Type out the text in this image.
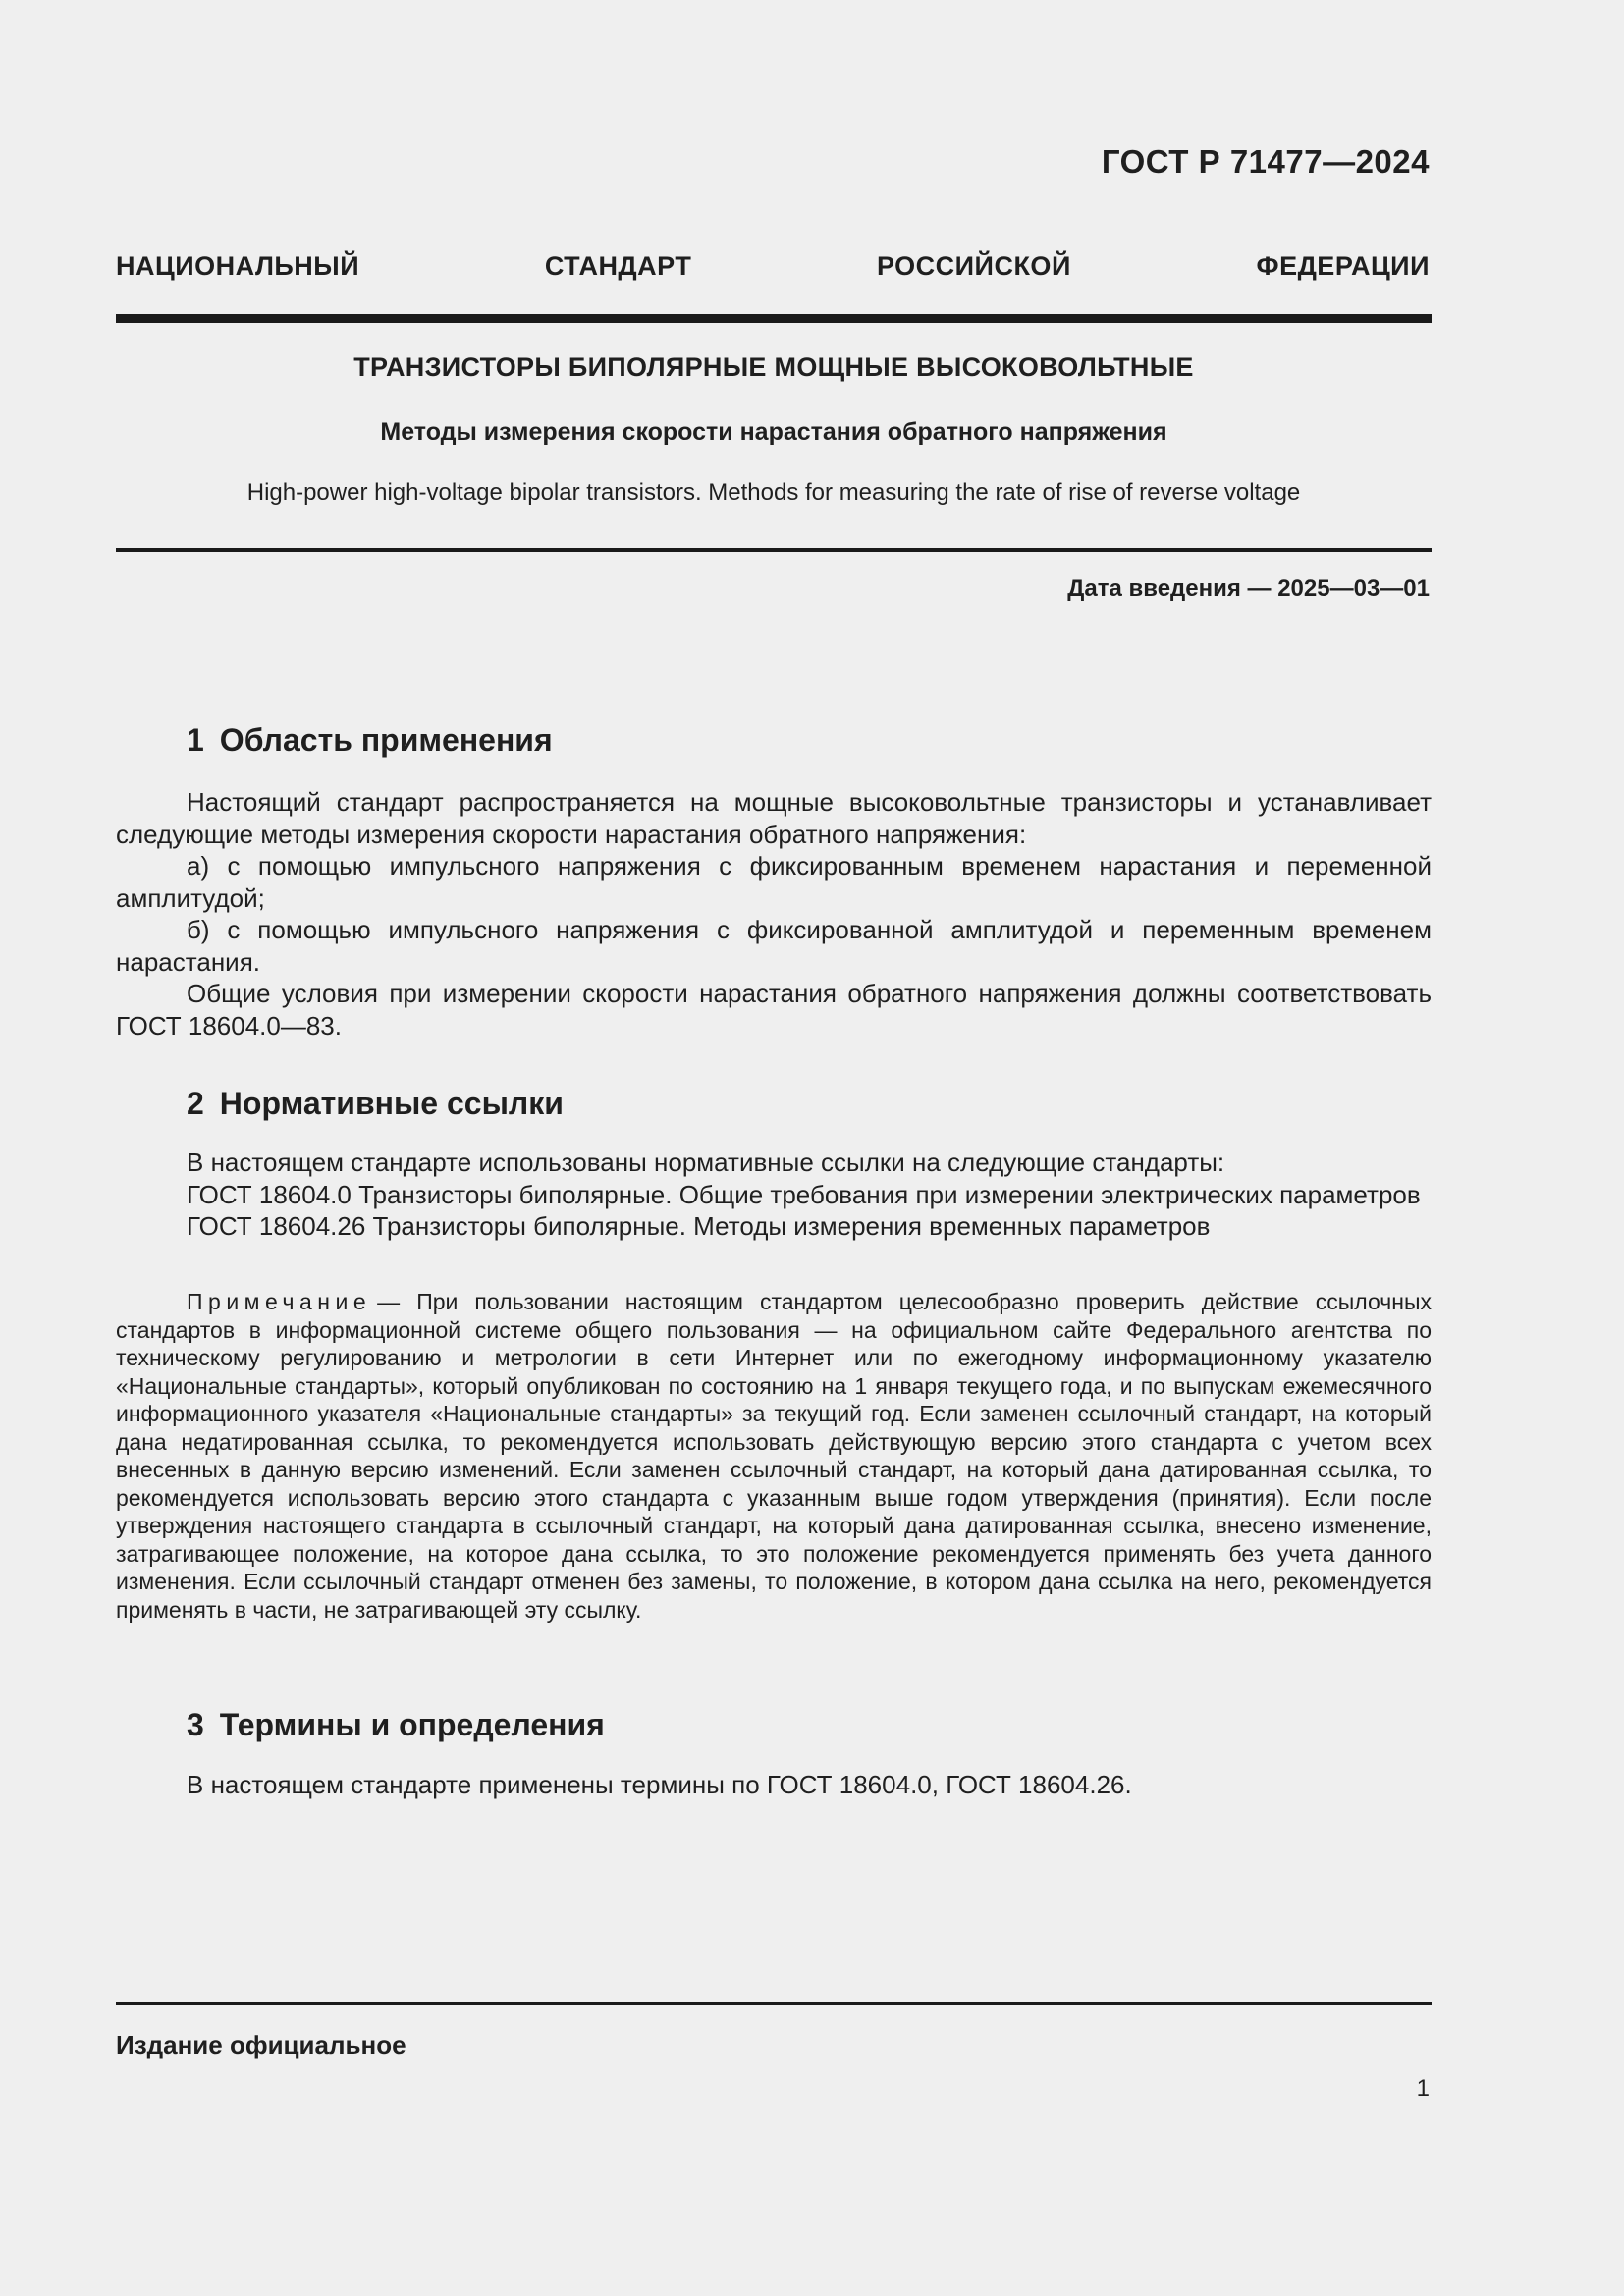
ГОСТ Р 71477—2024
НАЦИОНАЛЬНЫЙ СТАНДАРТ РОССИЙСКОЙ ФЕДЕРАЦИИ
ТРАНЗИСТОРЫ БИПОЛЯРНЫЕ МОЩНЫЕ ВЫСОКОВОЛЬТНЫЕ
Методы измерения скорости нарастания обратного напряжения
High-power high-voltage bipolar transistors. Methods for measuring the rate of rise of reverse voltage
Дата введения — 2025—03—01
1 Область применения

Настоящий стандарт распространяется на мощные высоковольтные транзисторы и устанавливает следующие методы измерения скорости нарастания обратного напряжения:

а) с помощью импульсного напряжения с фиксированным временем нарастания и переменной амплитудой;

б) с помощью импульсного напряжения с фиксированной амплитудой и переменным временем нарастания.

Общие условия при измерении скорости нарастания обратного напряжения должны соответствовать ГОСТ 18604.0—83.

2 Нормативные ссылки

В настоящем стандарте использованы нормативные ссылки на следующие стандарты:

ГОСТ 18604.0 Транзисторы биполярные. Общие требования при измерении электрических параметров

ГОСТ 18604.26 Транзисторы биполярные. Методы измерения временных параметров

Примечание — При пользовании настоящим стандартом целесообразно проверить действие ссылочных стандартов в информационной системе общего пользования — на официальном сайте Федерального агентства по техническому регулированию и метрологии в сети Интернет или по ежегодному информационному указателю «Национальные стандарты», который опубликован по состоянию на 1 января текущего года, и по выпускам ежемесячного информационного указателя «Национальные стандарты» за текущий год. Если заменен ссылочный стандарт, на который дана недатированная ссылка, то рекомендуется использовать действующую версию этого стандарта с учетом всех внесенных в данную версию изменений. Если заменен ссылочный стандарт, на который дана датированная ссылка, то рекомендуется использовать версию этого стандарта с указанным выше годом утверждения (принятия). Если после утверждения настоящего стандарта в ссылочный стандарт, на который дана датированная ссылка, внесено изменение, затрагивающее положение, на которое дана ссылка, то это положение рекомендуется применять без учета данного изменения. Если ссылочный стандарт отменен без замены, то положение, в котором дана ссылка на него, рекомендуется применять в части, не затрагивающей эту ссылку.

3 Термины и определения

В настоящем стандарте применены термины по ГОСТ 18604.0, ГОСТ 18604.26.

Издание официальное
1
